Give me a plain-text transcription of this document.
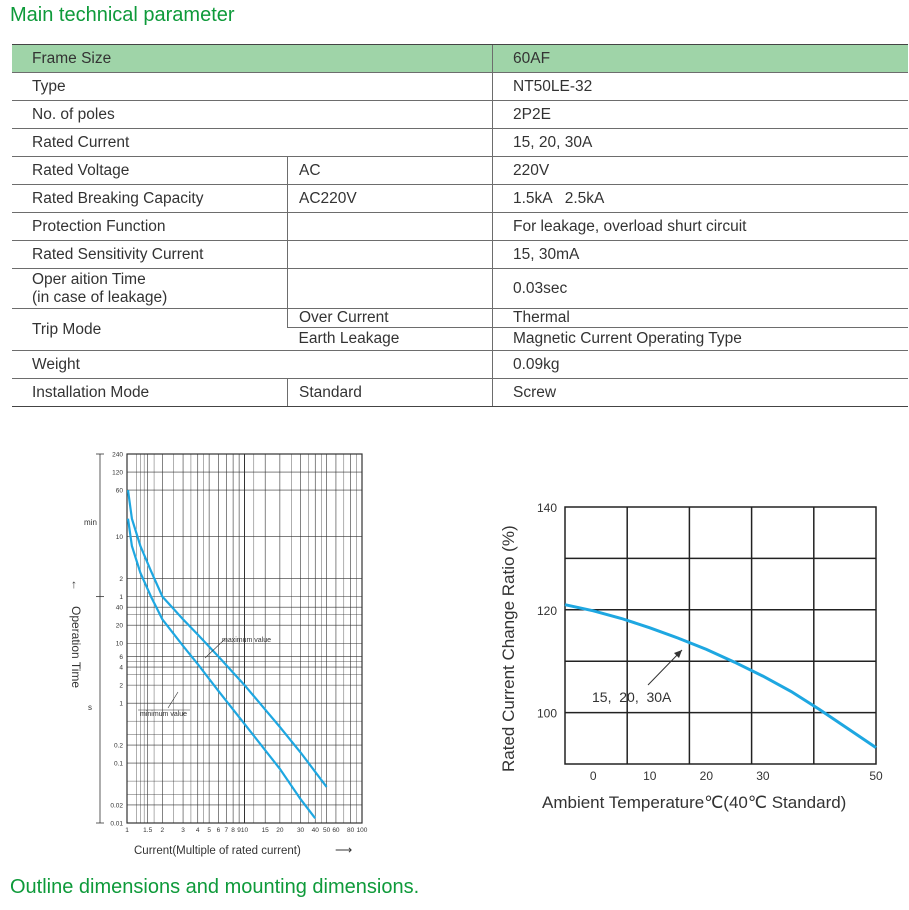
Main technical parameter
Frame Size		60AF
Type		NT50LE-32
No. of poles		2P2E
Rated Current		15, 20, 30A
Rated Voltage	AC	220V
Rated Breaking Capacity	AC220V	1.5kA   2.5kA
Protection Function		For leakage, overload shurt circuit
Rated Sensitivity Current		15, 30mA

Oper aition Time
(in case of leakage)		0.03sec
Trip Mode	Over Current	Thermal
	Earth Leakage	Magnetic Current Operating Type
Weight		0.09kg
Installation Mode	Standard	Screw
1 1.5 2	3 4 5 6 7 8 9 10 15 20 30 40 50 60 80 100
240
120
60
10
2
1
40
20
10
6
4
2
1
0.2
0.1
0.02
0.01
min
s
Operation Time
←
Current(Multiple of rated current)	⟶
maximum value
minimum value
140
120
100
0	10	20	30	50
15,  20,  30A
Rated Current Change Ratio (%)
Ambient Temperature℃(40℃ Standard)
Outline dimensions and mounting dimensions.
